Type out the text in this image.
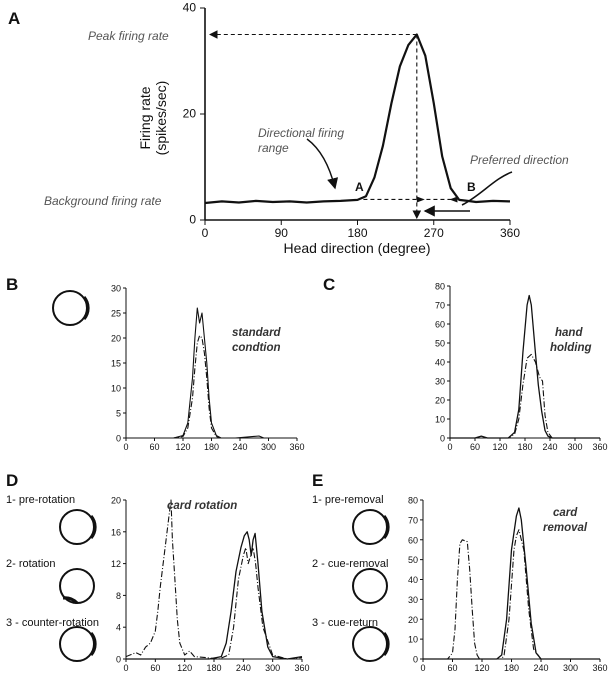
A
0	90	180	270	360
0
20
40
Peak firing rate
Background firing rate
Directional firing
range
Preferred direction
A	B
Firing rate (spikes/sec)
Head direction (degree)
B
0 60 120 180 240 300 360
0
5
10
15
20
25
30
standard
condtion
C
0 60 120 180 240 300 360
0
10
20
30
40
50
60
70
80
hand
holding
D
1- pre-rotation
2- rotation
3 - counter-rotation
0 60 120 180 240 300 360
0
4
8
12
16
20	card rotation
E
1- pre-removal
2 - cue-removal
3 - cue-return
0 60 120 180 240 300 360
0
10
20
30
40
50
60
70
80
card
removal
